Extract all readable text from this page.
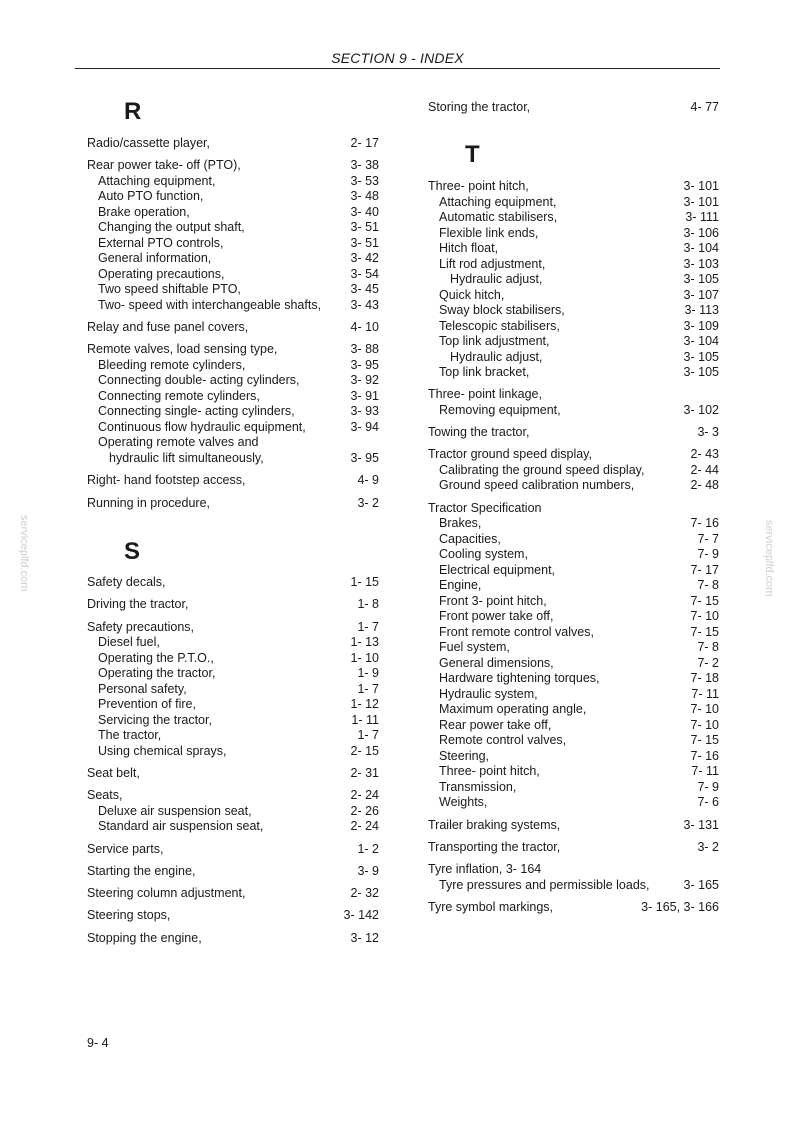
SECTION 9 - INDEX
serviceplfd.com	serviceplfd.com
R
Radio/cassette player,	2- 17
Rear power take- off (PTO),	3- 38
Attaching equipment,	3- 53
Auto PTO function,	3- 48
Brake operation,	3- 40
Changing the output shaft,	3- 51
External PTO controls,	3- 51
General information,	3- 42
Operating precautions,	3- 54
Two speed shiftable PTO,	3- 45
Two- speed with interchangeable shafts, 3- 43
Relay and fuse panel covers,	4- 10
Remote valves, load sensing type,	3- 88
Bleeding remote cylinders,	3- 95
Connecting double- acting cylinders,	3- 92
Connecting remote cylinders,	3- 91
Connecting single- acting cylinders,	3- 93
Continuous flow hydraulic equipment,	3- 94
Operating remote valves and
hydraulic lift simultaneously,	3- 95
Right- hand footstep access,	4- 9
Running in procedure,	3- 2
S
Safety decals,	1- 15
Driving the tractor,	1- 8
Safety precautions,	1- 7
Diesel fuel,	1- 13
Operating the P.T.O.,	1- 10
Operating the tractor,	1- 9
Personal safety,	1- 7
Prevention of fire,	1- 12
Servicing the tractor,	1- 11
The tractor,	1- 7
Using chemical sprays,	2- 15
Seat belt,	2- 31
Seats,	2- 24
Deluxe air suspension seat,	2- 26
Standard air suspension seat,	2- 24
Service parts,	1- 2
Starting the engine,	3- 9
Steering column adjustment,	2- 32
Steering stops,	3- 142
Stopping the engine,	3- 12
Storing the tractor,	4- 77
T
Three- point hitch,	3- 101
Attaching equipment,	3- 101
Automatic stabilisers,	3- 111
Flexible link ends,	3- 106
Hitch float,	3- 104
Lift rod adjustment,	3- 103
Hydraulic adjust,	3- 105
Quick hitch,	3- 107
Sway block stabilisers,	3- 113
Telescopic stabilisers,	3- 109
Top link adjustment,	3- 104
Hydraulic adjust,	3- 105
Top link bracket,	3- 105
Three- point linkage,
Removing equipment,	3- 102
Towing the tractor,	3- 3
Tractor ground speed display,	2- 43
Calibrating the ground speed display,	2- 44
Ground speed calibration numbers,	2- 48
Tractor Specification
Brakes,	7- 16
Capacities,	7- 7
Cooling system,	7- 9
Electrical equipment,	7- 17
Engine,	7- 8
Front 3- point hitch,	7- 15
Front power take off,	7- 10
Front remote control valves,	7- 15
Fuel system,	7- 8
General dimensions,	7- 2
Hardware tightening torques,	7- 18
Hydraulic system,	7- 11
Maximum operating angle,	7- 10
Rear power take off,	7- 10
Remote control valves,	7- 15
Steering,	7- 16
Three- point hitch,	7- 11
Transmission,	7- 9
Weights,	7- 6
Trailer braking systems,	3- 131
Transporting the tractor,	3- 2
Tyre inflation, 3- 164
Tyre pressures and permissible loads,	3- 165
Tyre symbol markings,	3- 165, 3- 166
9- 4
